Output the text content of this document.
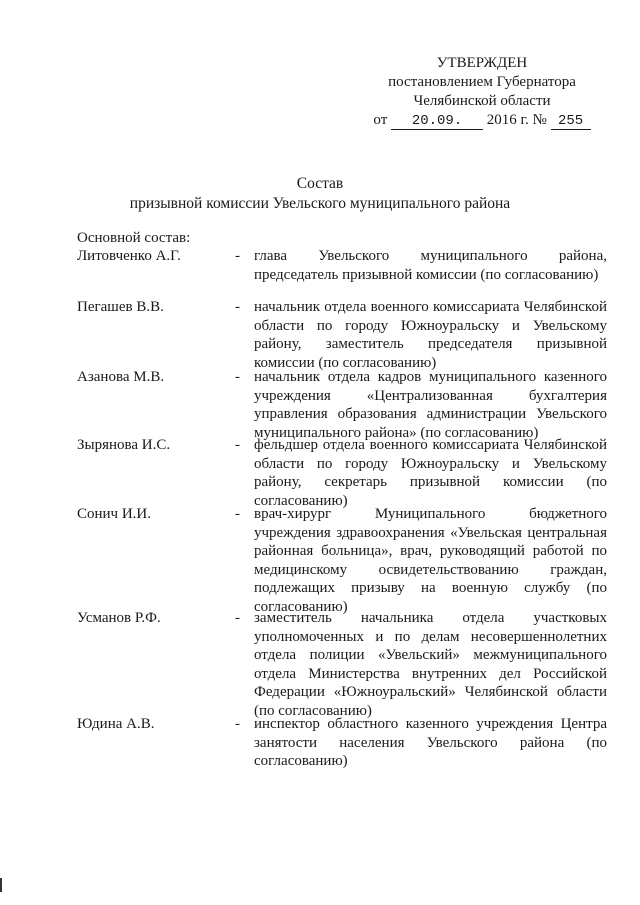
УТВЕРЖДЕН
постановлением Губернатора
Челябинской области
от 20.09. 2016 г. № 255
Состав
призывной комиссии Увельского муниципального района
Основной состав:
Литовченко А.Г.	- глава Увельского муниципального района, председатель призывной комиссии (по согласованию)
Пегашев В.В.	- начальник отдела военного комиссариата Челябинской области по городу Южноуральску и Увельскому району, заместитель председателя призывной комиссии (по согласованию)
Азанова М.В.	- начальник отдела кадров муниципального казенного учреждения «Централизованная бухгалтерия управления образования администрации Увельского муниципального района» (по согласованию)
Зырянова И.С.	- фельдшер отдела военного комиссариата Челябинской области по городу Южноуральску и Увельскому району, секретарь призывной комиссии (по согласованию)
Сонич И.И.	- врач-хирург Муниципального бюджетного учреждения здравоохранения «Увельская центральная районная больница», врач, руководящий работой по медицинскому освидетельствованию граждан, подлежащих призыву на военную службу (по согласованию)
Усманов Р.Ф.	- заместитель начальника отдела участковых уполномоченных и по делам несовершеннолетних отдела полиции «Увельский» межмуниципального отдела Министерства внутренних дел Российской Федерации «Южноуральский» Челябинской области (по согласованию)
Юдина А.В.	- инспектор областного казенного учреждения Центра занятости населения Увельского района (по согласованию)
